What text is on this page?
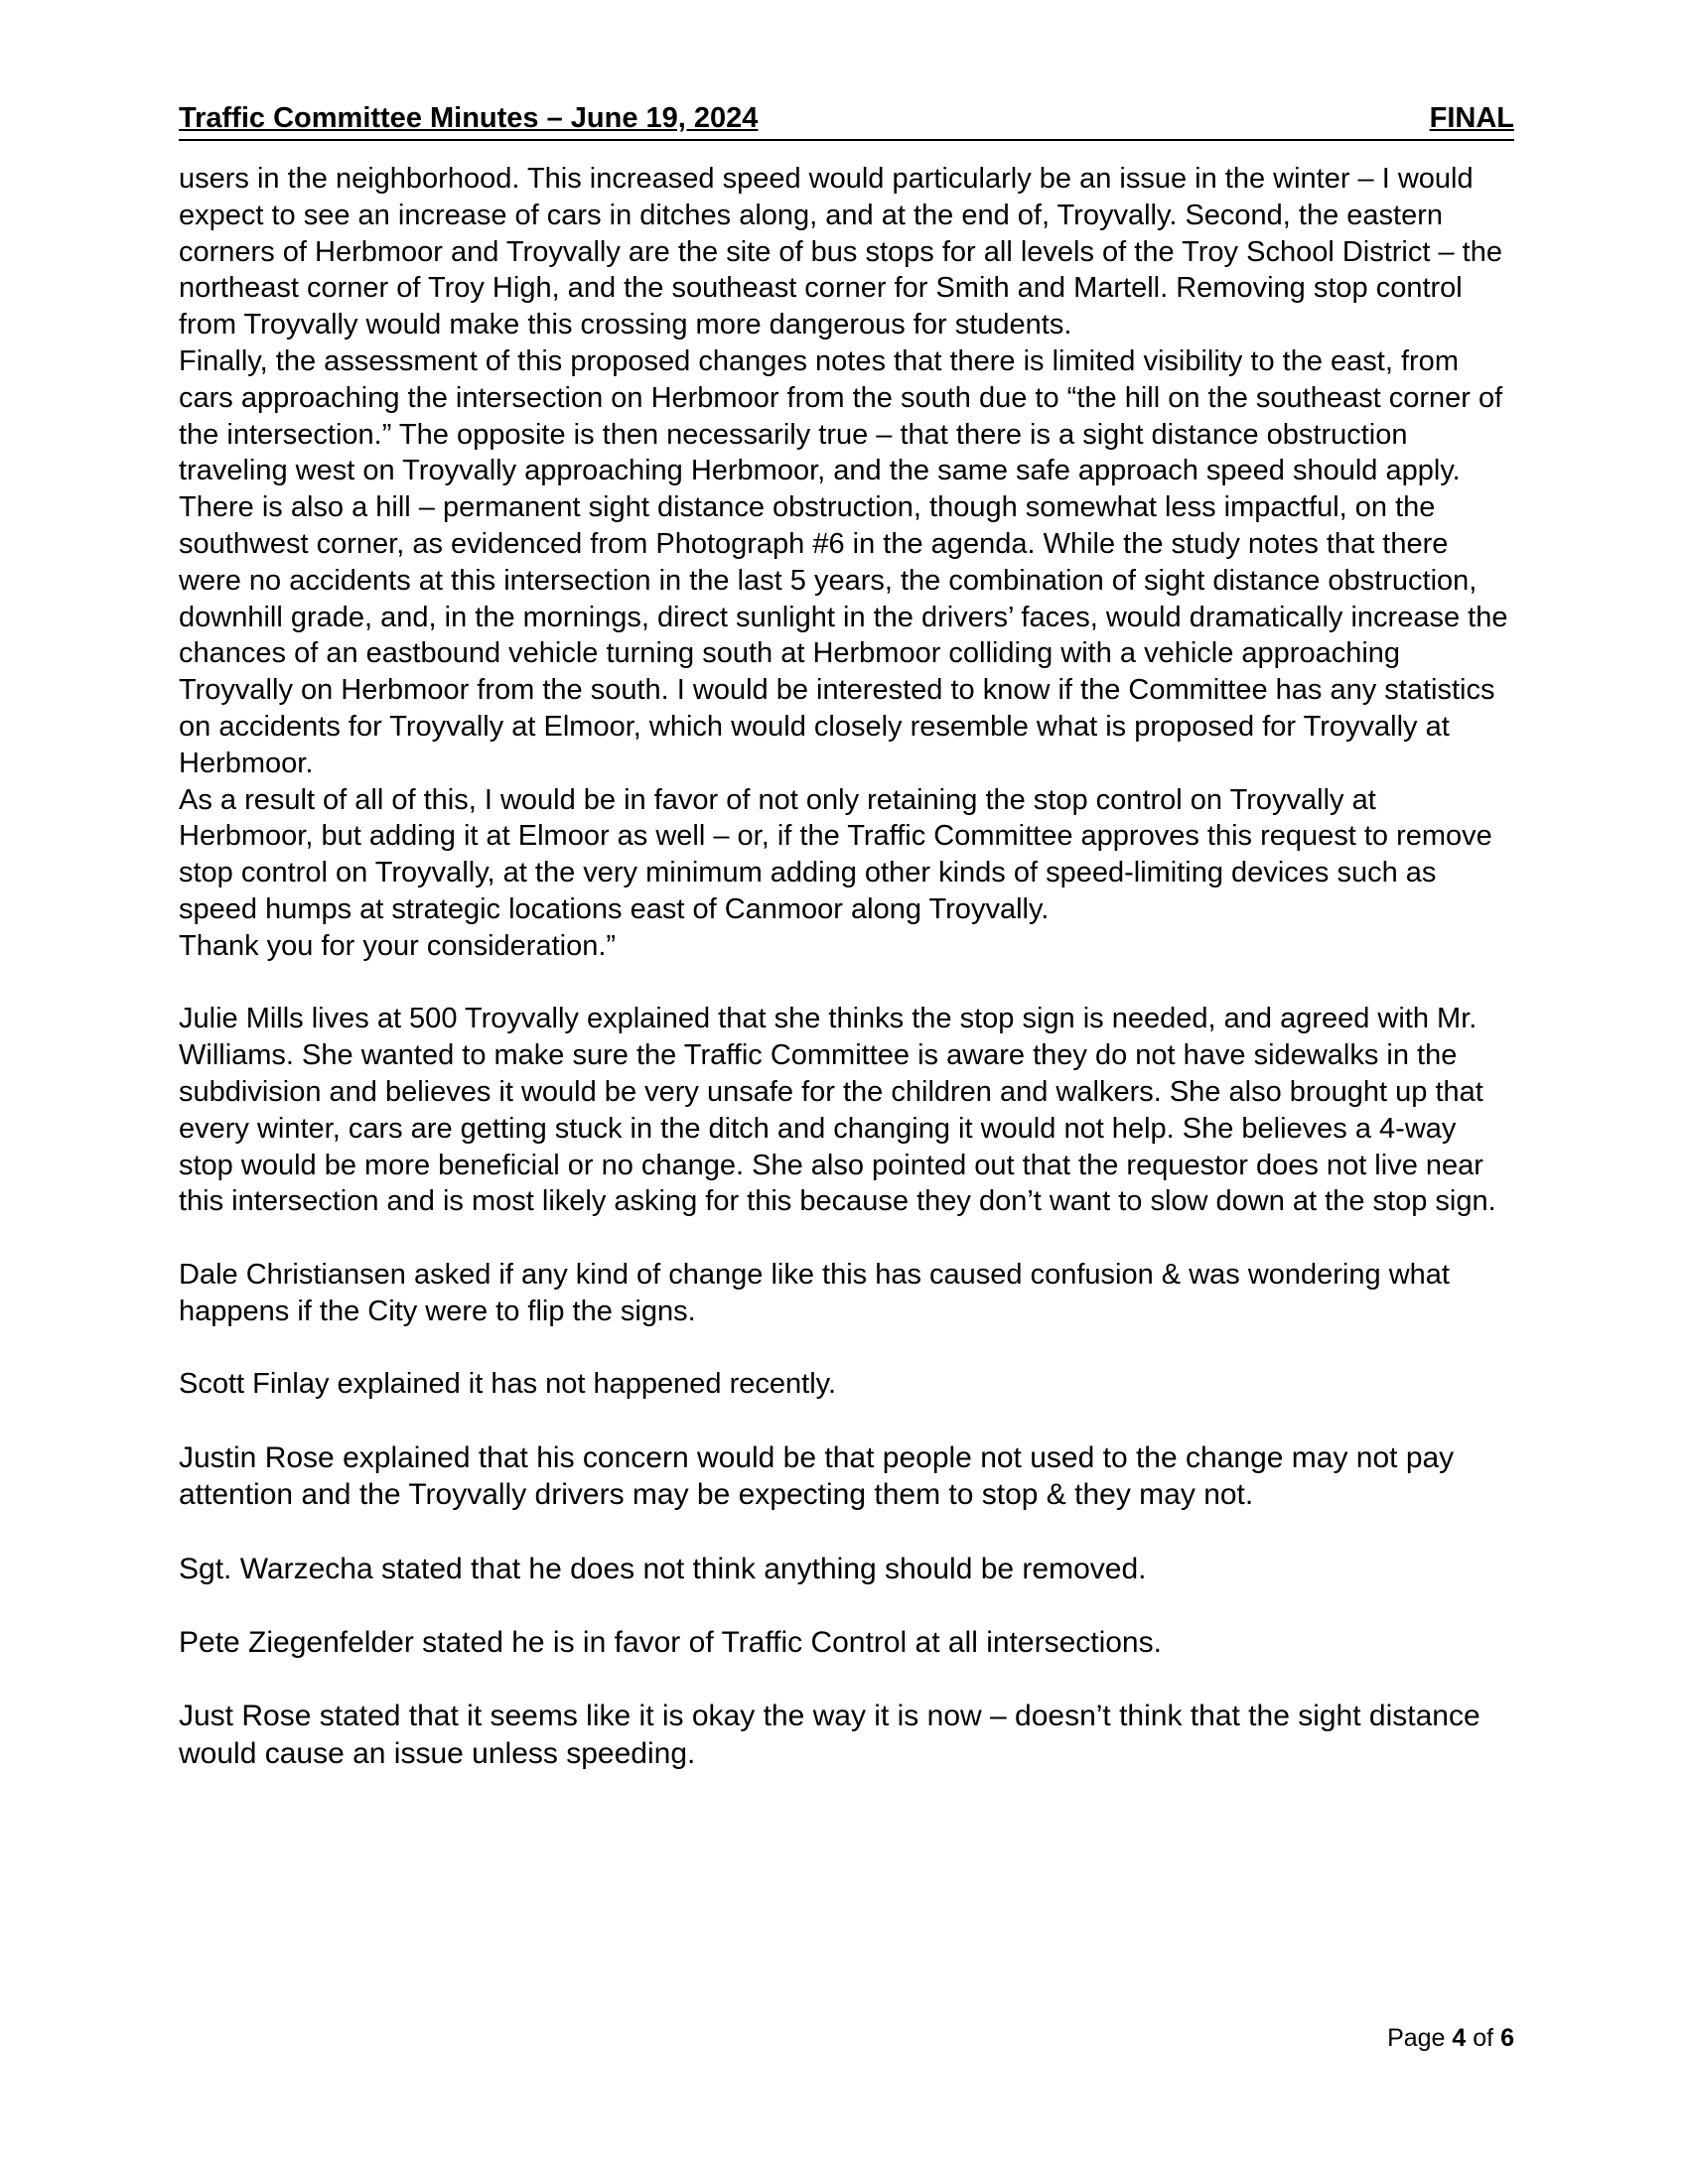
Traffic Committee Minutes – June 19, 2024	FINAL

users in the neighborhood. This increased speed would particularly be an issue in the winter – I would expect to see an increase of cars in ditches along, and at the end of, Troyvally. Second, the eastern corners of Herbmoor and Troyvally are the site of bus stops for all levels of the Troy School District – the northeast corner of Troy High, and the southeast corner for Smith and Martell. Removing stop control from Troyvally would make this crossing more dangerous for students.

Finally, the assessment of this proposed changes notes that there is limited visibility to the east, from cars approaching the intersection on Herbmoor from the south due to “the hill on the southeast corner of the intersection.” The opposite is then necessarily true – that there is a sight distance obstruction traveling west on Troyvally approaching Herbmoor, and the same safe approach speed should apply. There is also a hill – permanent sight distance obstruction, though somewhat less impactful, on the southwest corner, as evidenced from Photograph #6 in the agenda. While the study notes that there were no accidents at this intersection in the last 5 years, the combination of sight distance obstruction, downhill grade, and, in the mornings, direct sunlight in the drivers’ faces, would dramatically increase the chances of an eastbound vehicle turning south at Herbmoor colliding with a vehicle approaching Troyvally on Herbmoor from the south. I would be interested to know if the Committee has any statistics on accidents for Troyvally at Elmoor, which would closely resemble what is proposed for Troyvally at Herbmoor.

As a result of all of this, I would be in favor of not only retaining the stop control on Troyvally at Herbmoor, but adding it at Elmoor as well – or, if the Traffic Committee approves this request to remove stop control on Troyvally, at the very minimum adding other kinds of speed-limiting devices such as speed humps at strategic locations east of Canmoor along Troyvally.

Thank you for your consideration.”

Julie Mills lives at 500 Troyvally explained that she thinks the stop sign is needed, and agreed with Mr. Williams. She wanted to make sure the Traffic Committee is aware they do not have sidewalks in the subdivision and believes it would be very unsafe for the children and walkers. She also brought up that every winter, cars are getting stuck in the ditch and changing it would not help. She believes a 4-way stop would be more beneficial or no change. She also pointed out that the requestor does not live near this intersection and is most likely asking for this because they don’t want to slow down at the stop sign.

Dale Christiansen asked if any kind of change like this has caused confusion & was wondering what happens if the City were to flip the signs.

Scott Finlay explained it has not happened recently.

Justin Rose explained that his concern would be that people not used to the change may not pay attention and the Troyvally drivers may be expecting them to stop & they may not.

Sgt. Warzecha stated that he does not think anything should be removed.

Pete Ziegenfelder stated he is in favor of Traffic Control at all intersections.

Just Rose stated that it seems like it is okay the way it is now – doesn’t think that the sight distance would cause an issue unless speeding.

Page 4 of 6
